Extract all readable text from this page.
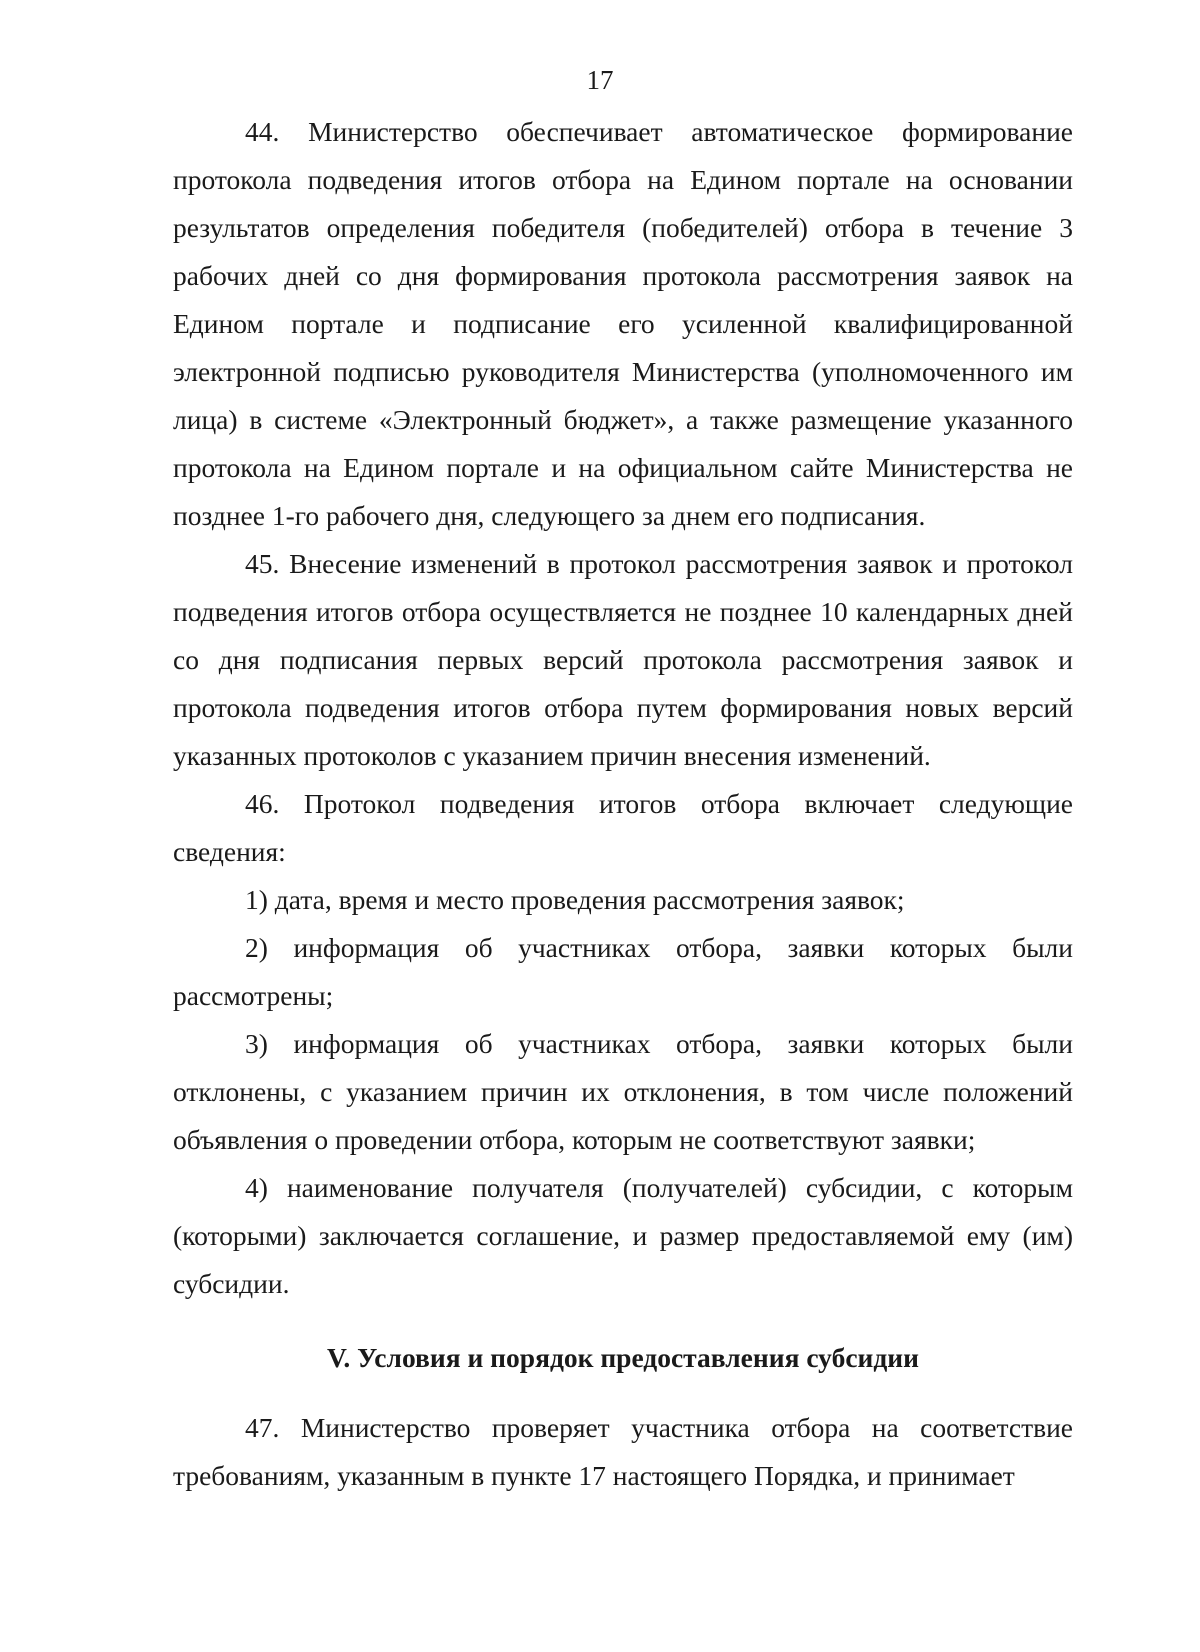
17

44. Министерство обеспечивает автоматическое формирование протокола подведения итогов отбора на Едином портале на основании результатов определения победителя (победителей) отбора в течение 3 рабочих дней со дня формирования протокола рассмотрения заявок на Едином портале и подписание его усиленной квалифицированной электронной подписью руководителя Министерства (уполномоченного им лица) в системе «Электронный бюджет», а также размещение указанного протокола на Едином портале и на официальном сайте Министерства не позднее 1-го рабочего дня, следующего за днем его подписания.

45. Внесение изменений в протокол рассмотрения заявок и протокол подведения итогов отбора осуществляется не позднее 10 календарных дней со дня подписания первых версий протокола рассмотрения заявок и протокола подведения итогов отбора путем формирования новых версий указанных протоколов с указанием причин внесения изменений.

46. Протокол подведения итогов отбора включает следующие сведения:

1) дата, время и место проведения рассмотрения заявок;

2) информация об участниках отбора, заявки которых были рассмотрены;

3) информация об участниках отбора, заявки которых были отклонены, с указанием причин их отклонения, в том числе положений объявления о проведении отбора, которым не соответствуют заявки;

4) наименование получателя (получателей) субсидии, с которым (которыми) заключается соглашение, и размер предоставляемой ему (им) субсидии.

V. Условия и порядок предоставления субсидии

47. Министерство проверяет участника отбора на соответствие требованиям, указанным в пункте 17 настоящего Порядка, и принимает
